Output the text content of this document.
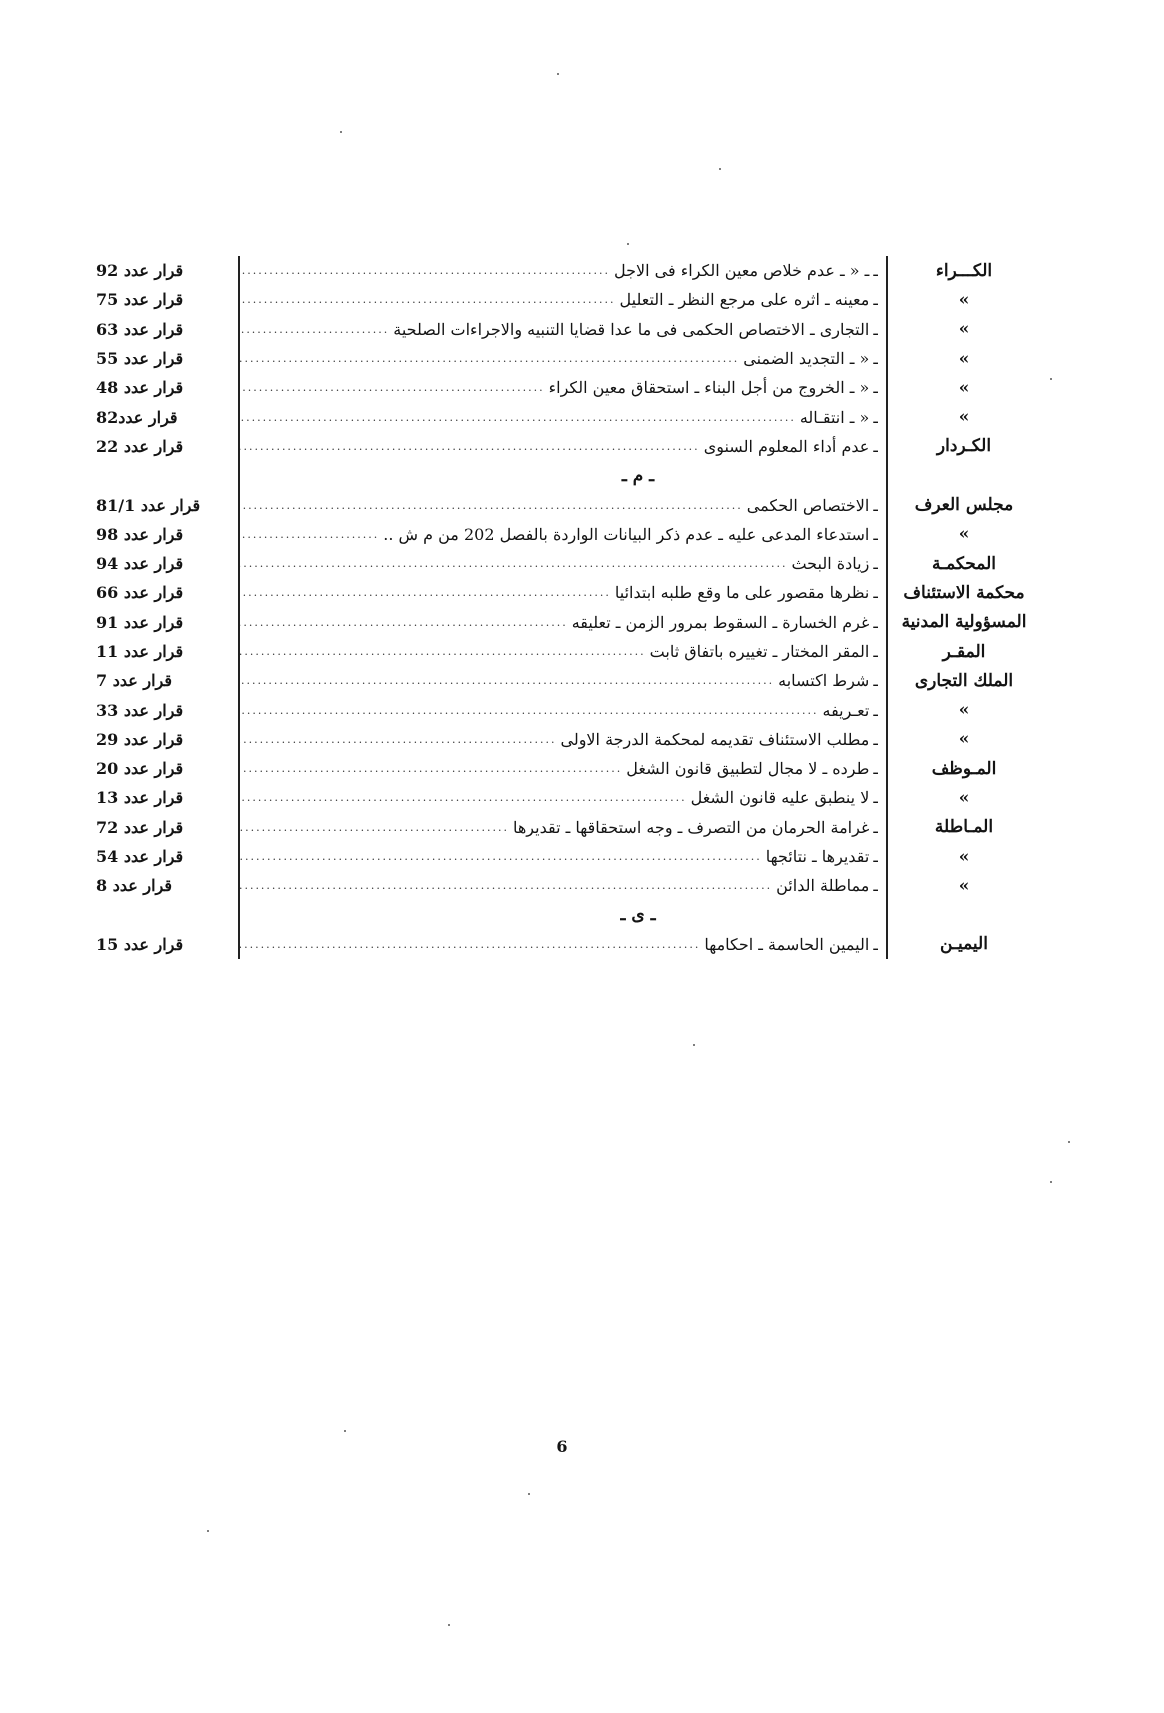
الكـــراء
ـ
ـ « ـ عدم خلاص معين الكراء فى الاجل
.....
قرار عدد 92
»
ـ
معينه ـ اثره على مرجع النظر ـ التعليل
.....
قرار عدد 75
»
ـ
التجارى ـ الاختصاص الحكمى فى ما عدا قضايا التنبيه والاجراءات الصلحية
.....
قرار عدد 63
»
ـ
« ـ التجديد الضمنى
.....
قرار عدد 55
»
ـ
« ـ الخروج من أجل البناء ـ استحقاق معين الكراء
.....
قرار عدد 48
»
ـ
« ـ انتقـاله
.....
قرار عدد82
الكـردار
ـ
عدم أداء المعلوم السنوى
.....
قرار عدد 22
ـ م ـ
مجلس العرف
ـ
الاختصاص الحكمى
.....
قرار عدد 81/1
»
ـ
استدعاء المدعى عليه ـ عدم ذكر البيانات الواردة بالفصل 202 من م ش ..
.....
قرار عدد 98
المحكمـة
ـ
زيادة البحث
.....
قرار عدد 94
محكمة الاستئناف
ـ
نظرها مقصور على ما وقع طلبه ابتدائيا
.....
قرار عدد 66
المسؤولية المدنية
ـ
غرم الخسارة ـ السقوط بمرور الزمن ـ تعليقه
.....
قرار عدد 91
المقـر
ـ
المقر المختار ـ تغييره باتفاق ثابت
.....
قرار عدد 11
الملك التجارى
ـ
شرط اكتسابه
.....
قرار عدد 7
»
ـ
تعـريفه
.....
قرار عدد 33
»
ـ
مطلب الاستئناف تقديمه لمحكمة الدرجة الاولى
.....
قرار عدد 29
المـوظف
ـ
طرده ـ لا مجال لتطبيق قانون الشغل
.....
قرار عدد 20
»
ـ
لا ينطبق عليه قانون الشغل
.....
قرار عدد 13
المـاطلة
ـ
غرامة الحرمان من التصرف ـ وجه استحقاقها ـ تقديرها
.....
قرار عدد 72
»
ـ
تقديرها ـ نتائجها
.....
قرار عدد 54
»
ـ
مماطلة الدائن
.....
قرار عدد 8
ـ ى ـ
اليميـن
ـ
اليمين الحاسمة ـ احكامها
.....
قرار عدد 15
6
